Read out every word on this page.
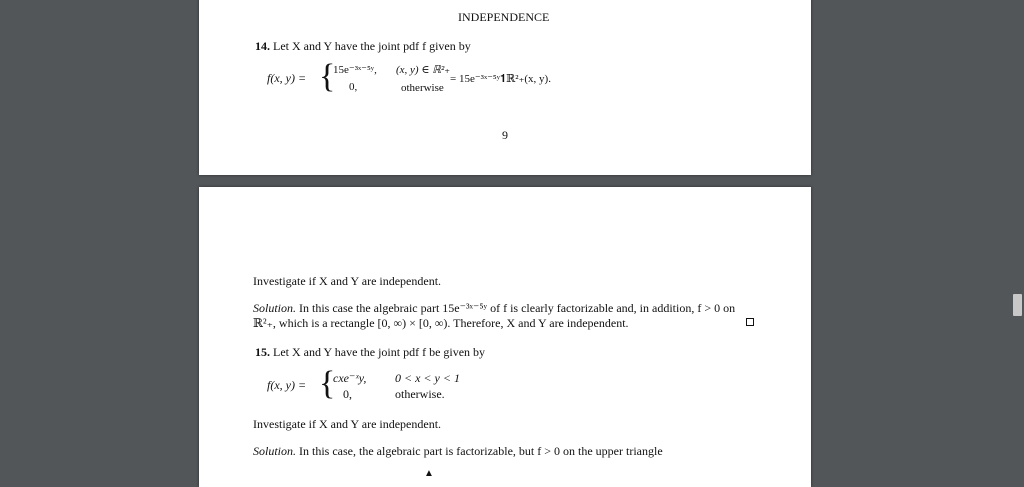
INDEPENDENCE
14. Let X and Y have the joint pdf f given by
f(x, y) = {
15e⁻³ˣ⁻⁵ʸ, (x, y) ∈ ℝ²₊
0,	otherwise
= 15e⁻³ˣ⁻⁵ʸ𝟏ℝ²₊(x, y).
9
Investigate if X and Y are independent.
Solution. In this case the algebraic part 15e⁻³ˣ⁻⁵ʸ of f is clearly factorizable and, in addition, f > 0 on
ℝ²₊, which is a rectangle [0, ∞) × [0, ∞). Therefore, X and Y are independent.
15. Let X and Y have the joint pdf f be given by
f(x, y) = {
cxe⁻ˣy, 0 < x < y < 1
0,	otherwise.
Investigate if X and Y are independent.
Solution. In this case, the algebraic part is factorizable, but f > 0 on the upper triangle
▲
